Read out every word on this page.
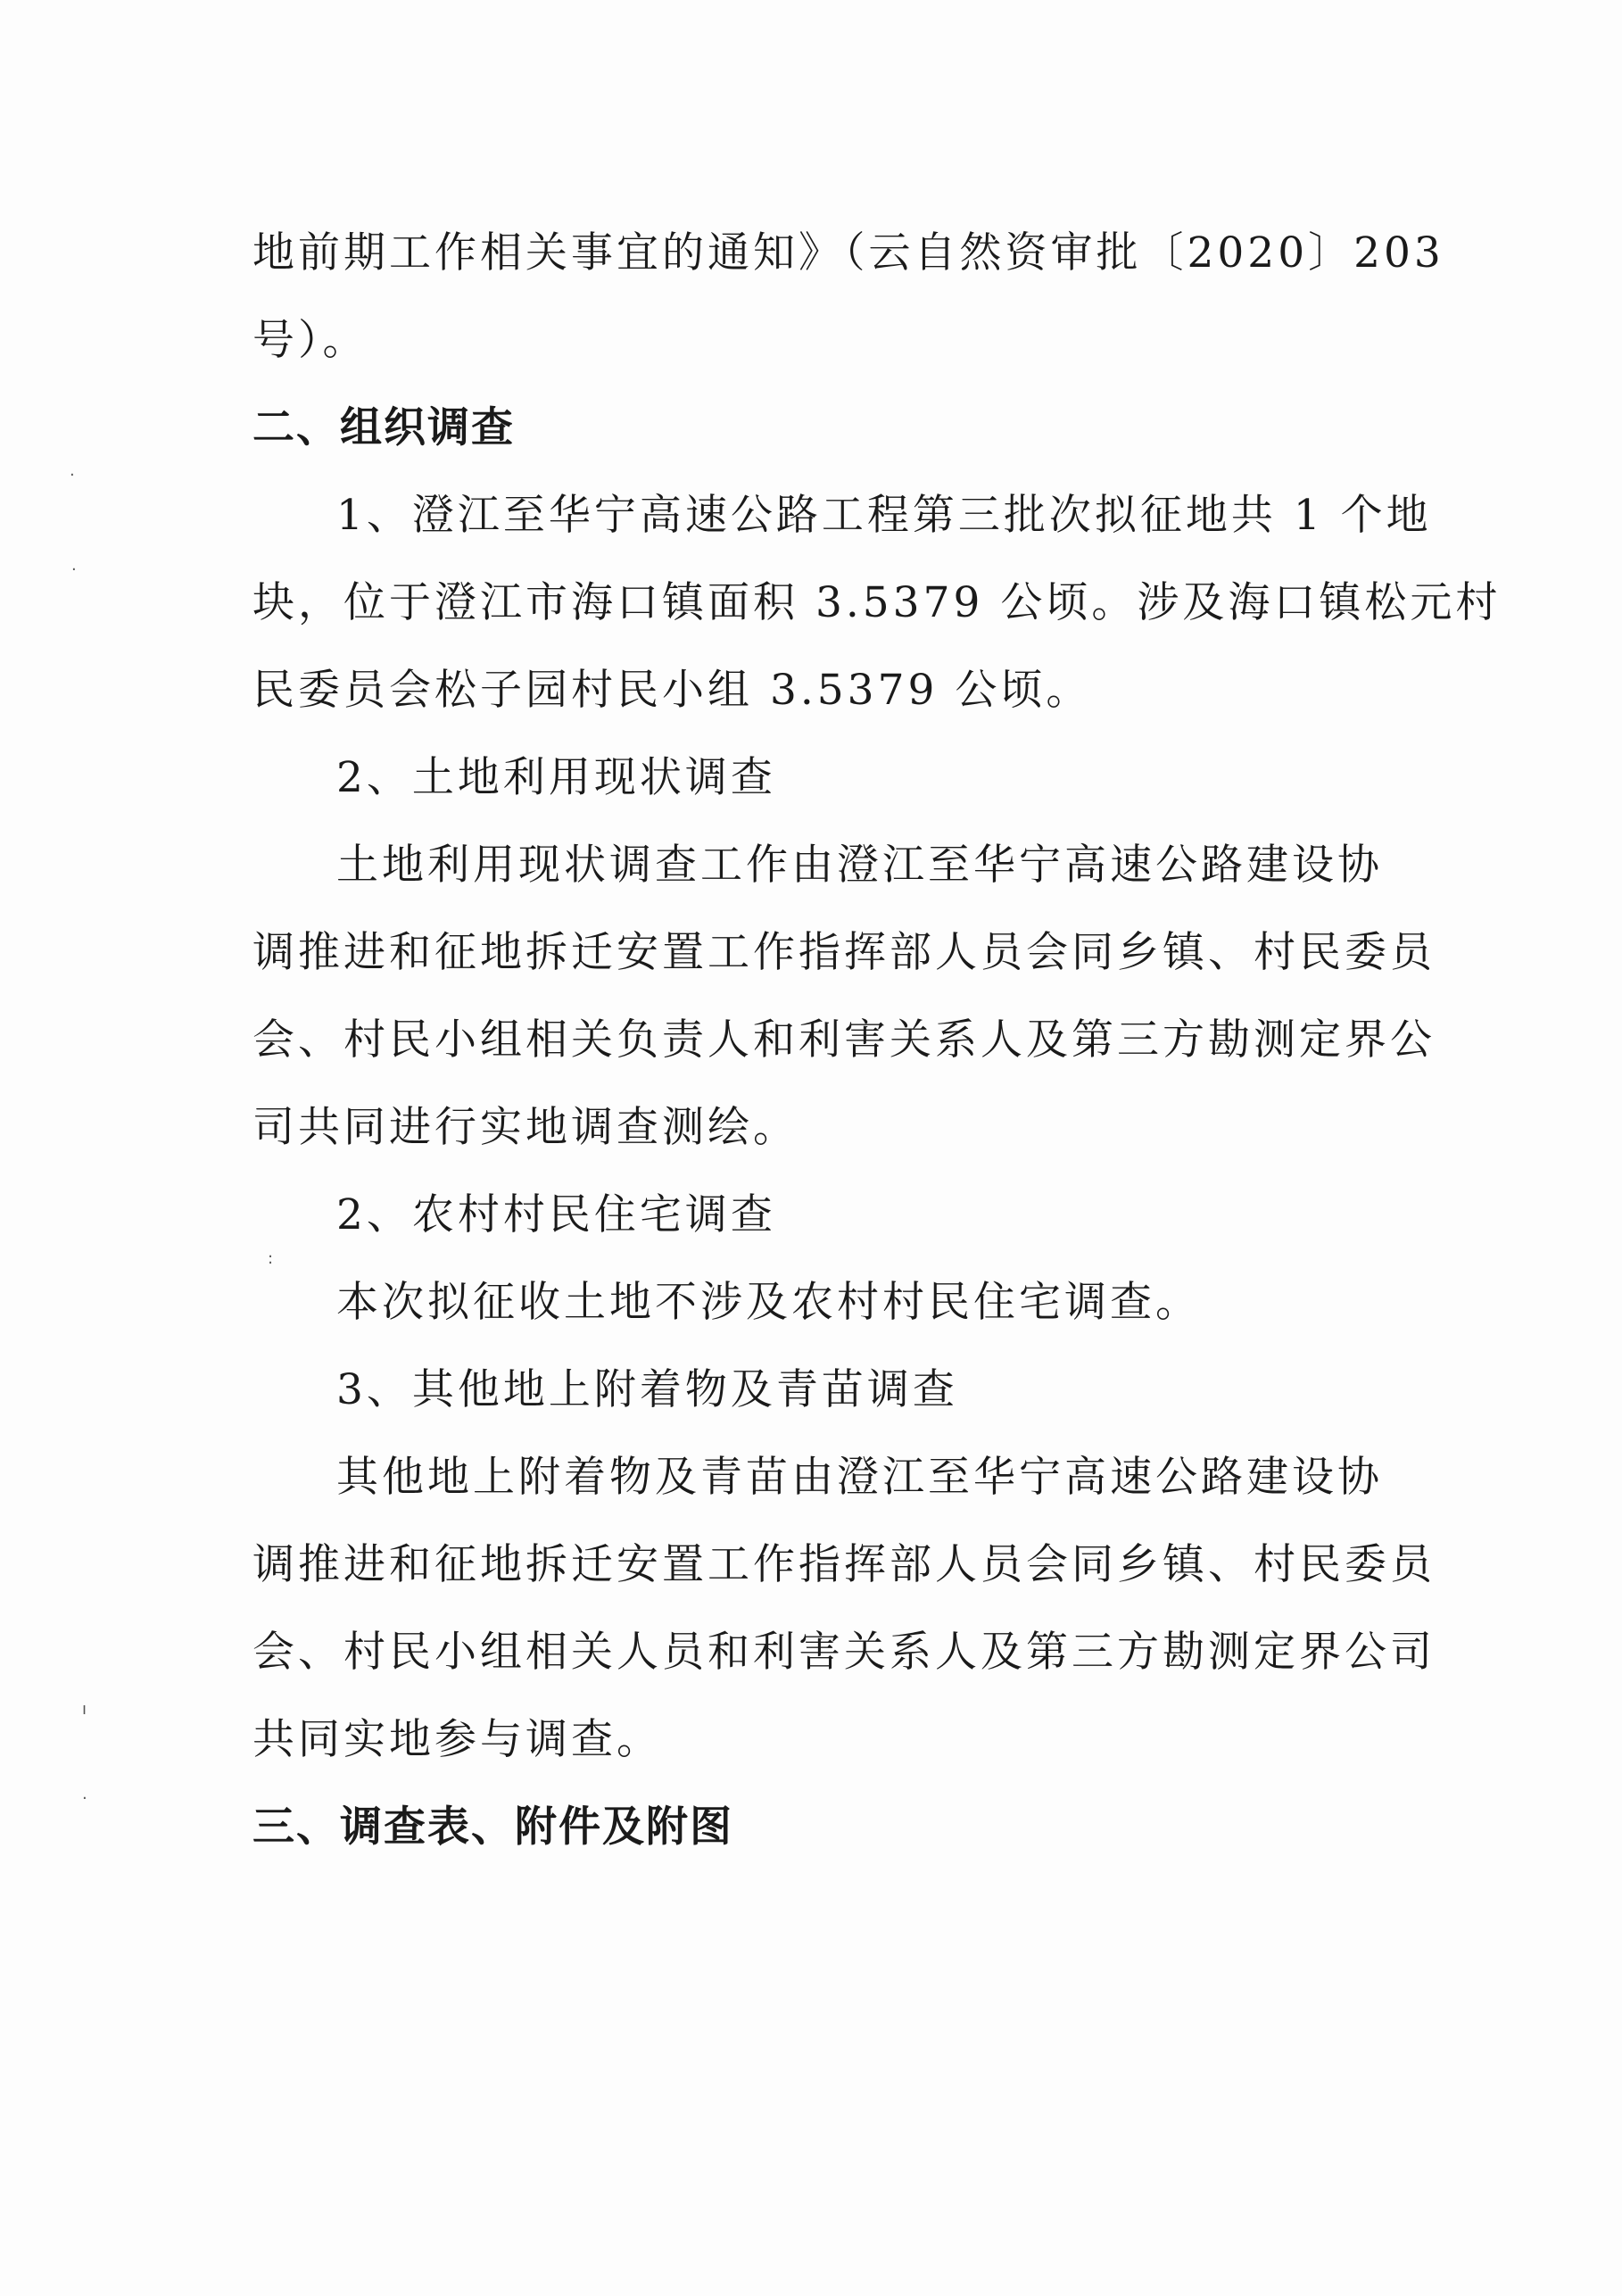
地前期工作相关事宜的通知》（云自然资审批〔2020〕203
号）。
二、组织调查
1、澄江至华宁高速公路工程第三批次拟征地共 1 个地
块，位于澄江市海口镇面积 3.5379 公顷。涉及海口镇松元村
民委员会松子园村民小组 3.5379 公顷。
2、土地利用现状调查
土地利用现状调查工作由澄江至华宁高速公路建设协
调推进和征地拆迁安置工作指挥部人员会同乡镇、村民委员
会、村民小组相关负责人和利害关系人及第三方勘测定界公
司共同进行实地调查测绘。
2、农村村民住宅调查
本次拟征收土地不涉及农村村民住宅调查。
3、其他地上附着物及青苗调查
其他地上附着物及青苗由澄江至华宁高速公路建设协
调推进和征地拆迁安置工作指挥部人员会同乡镇、村民委员
会、村民小组相关人员和利害关系人及第三方勘测定界公司
共同实地参与调查。
三、调查表、附件及附图
·
·
ı
·
:
